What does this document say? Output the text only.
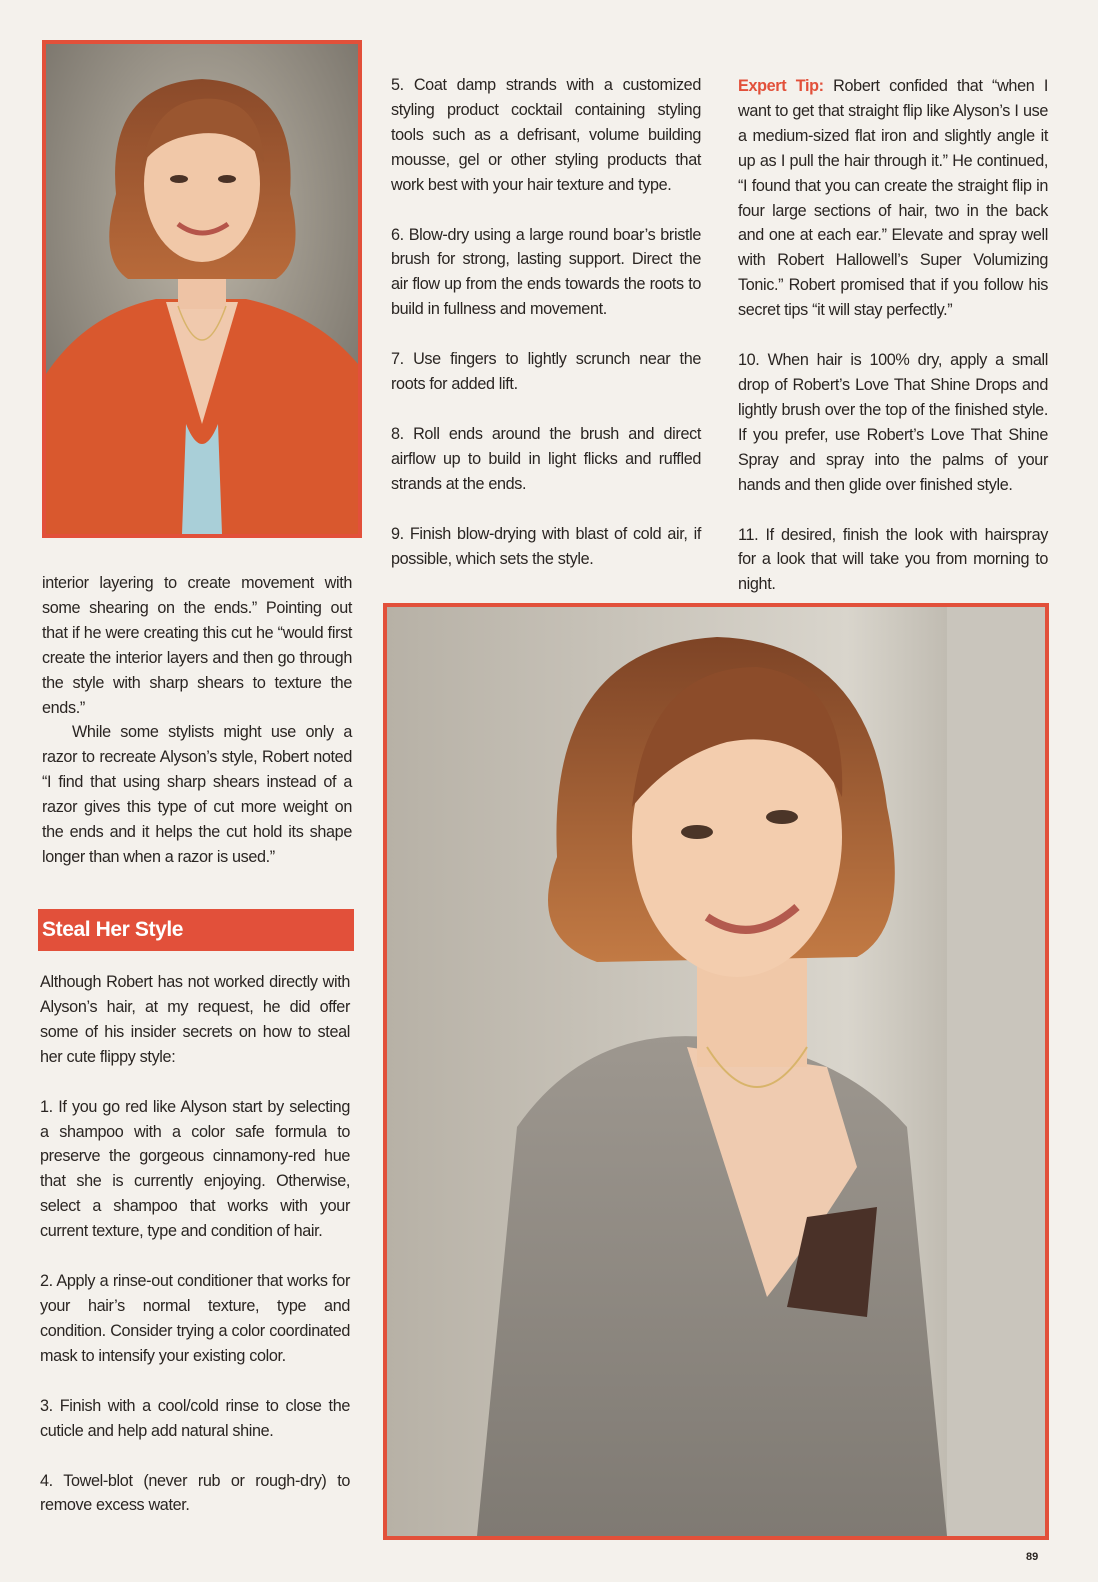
interior layering to create movement with some shearing on the ends.” Pointing out that if he were creating this cut he “would first create the interior layers and then go through the style with sharp shears to texture the ends.”

While some stylists might use only a razor to recreate Alyson’s style, Robert noted “I find that using sharp shears instead of a razor gives this type of cut more weight on the ends and it helps the cut hold its shape longer than when a razor is used.”

Steal Her Style

Although Robert has not worked directly with Alyson’s hair, at my request, he did offer some of his insider secrets on how to steal her cute flippy style:

1. If you go red like Alyson start by selecting a shampoo with a color safe formula to preserve the gorgeous cinnamony-red hue that she is currently enjoying. Otherwise, select a shampoo that works with your current texture, type and condition of hair.

2. Apply a rinse-out conditioner that works for your hair’s normal texture, type and condition. Consider trying a color coordinated mask to intensify your existing color.

3. Finish with a cool/cold rinse to close the cuticle and help add natural shine.

4. Towel-blot (never rub or rough-dry) to remove excess water.

5. Coat damp strands with a customized styling product cocktail containing styling tools such as a defrisant, volume building mousse, gel or other styling products that work best with your hair texture and type.

6. Blow-dry using a large round boar’s bristle brush for strong, lasting support. Direct the air flow up from the ends towards the roots to build in fullness and movement.

7. Use fingers to lightly scrunch near the roots for added lift.

8. Roll ends around the brush and direct airflow up to build in light flicks and ruffled strands at the ends.

9. Finish blow-drying with blast of cold air, if possible, which sets the style.

Expert Tip: Robert confided that “when I want to get that straight flip like Alyson’s I use a medium-sized flat iron and slightly angle it up as I pull the hair through it.” He continued, “I found that you can create the straight flip in four large sections of hair, two in the back and one at each ear.” Elevate and spray well with Robert Hallowell’s Super Volumizing Tonic.” Robert promised that if you follow his secret tips “it will stay perfectly.”

10. When hair is 100% dry, apply a small drop of Robert’s Love That Shine Drops and lightly brush over the top of the finished style. If you prefer, use Robert’s Love That Shine Spray and spray into the palms of your hands and then glide over finished style.

11. If desired, finish the look with hairspray for a look that will take you from morning to night.

89
